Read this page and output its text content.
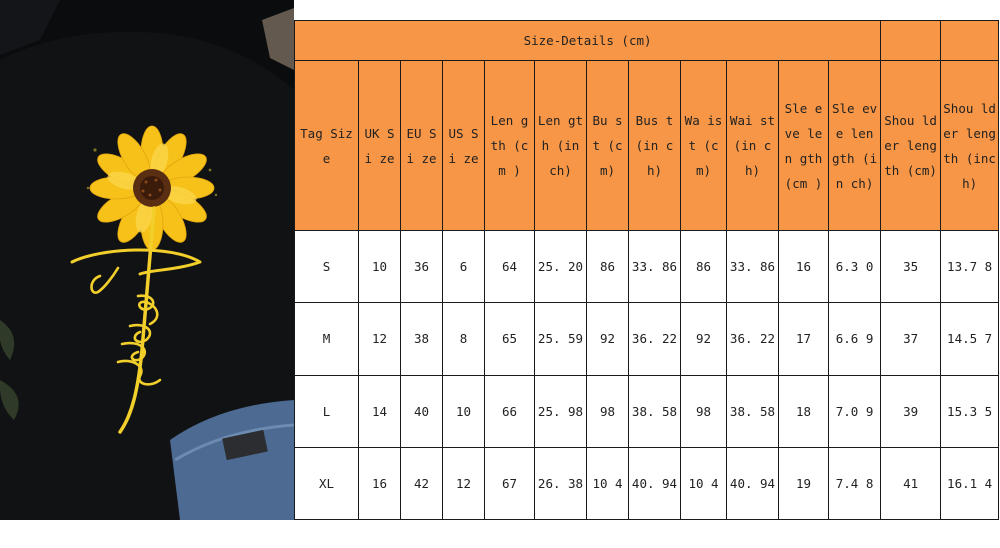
Size-Details (cm)													
Tag Size	UK Si ze	EU Si ze	US Si ze	Len gth (cm )	Len gth (in ch)	Bu st (c m)	Bus t (in ch)	Wa is t (c m)	Wai st (in ch)	Sle eve len gth (cm )	Sle eve len gth (in ch)	Shou lder leng th (cm)	Shou lder leng th (inc h)
S	10	36	6	64	25. 20	86	33. 86	86	33. 86	16	6.3 0	35	13.7 8
M	12	38	8	65	25. 59	92	36. 22	92	36. 22	17	6.6 9	37	14.5 7
L	14	40	10	66	25. 98	98	38. 58	98	38. 58	18	7.0 9	39	15.3 5
XL	16	42	12	67	26. 38	10 4	40. 94	10 4	40. 94	19	7.4 8	41	16.1 4
